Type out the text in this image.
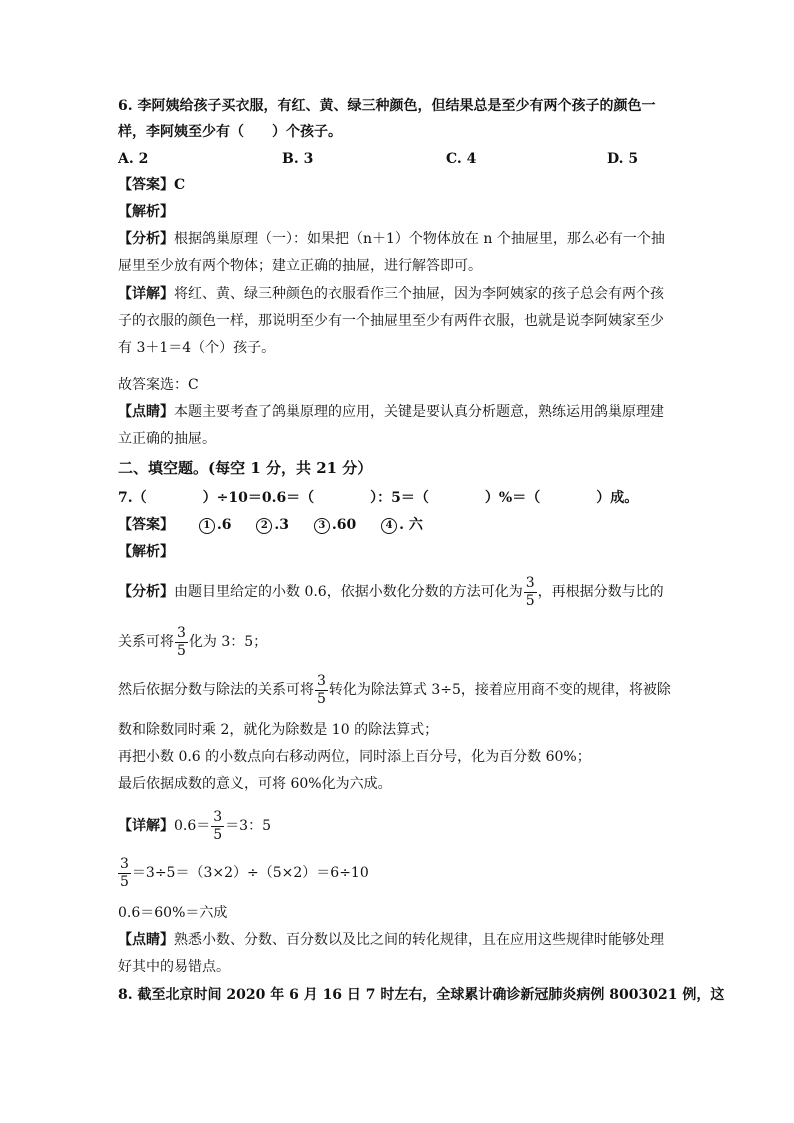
6. 李阿姨给孩子买衣服，有红、黄、绿三种颜色，但结果总是至少有两个孩子的颜色一
样，李阿姨至少有（　　）个孩子。
A. 2	B. 3	C. 4	D. 5
【答案】C
【解析】
【分析】根据鸽巢原理（一）：如果把（n＋1）个物体放在 n 个抽屉里，那么必有一个抽
屉里至少放有两个物体；建立正确的抽屉，进行解答即可。
【详解】将红、黄、绿三种颜色的衣服看作三个抽屉，因为李阿姨家的孩子总会有两个孩
子的衣服的颜色一样，那说明至少有一个抽屉里至少有两件衣服，也就是说李阿姨家至少
有 3＋1＝4（个）孩子。
故答案选：C
【点睛】本题主要考查了鸽巢原理的应用，关键是要认真分析题意，熟练运用鸽巢原理建
立正确的抽屉。
二、填空题。(每空 1 分，共 21 分）
7.（　　　　）÷10＝0.6＝（　　　　）：5＝（　　　　）%＝（　　　　）成。
【答案】	1 .6	2 .3	3 .60	4 . 六
【解析】
【分析】由题目里给定的小数 0.6，依据小数化分数的方法可化为 $\frac{3}{5}$ ，再根据分数与比的
关系可将 $\frac{3}{5}$ 化为 3：5；
然后依据分数与除法的关系可将 $\frac{3}{5}$ 转化为除法算式 3÷5，接着应用商不变的规律，将被除
数和除数同时乘 2，就化为除数是 10 的除法算式；
再把小数 0.6 的小数点向右移动两位，同时添上百分号，化为百分数 60%；
最后依据成数的意义，可将 60%化为六成。
【详解】$0.6= \frac{3}{5} =3$：5
$\frac{3}{5} =3\div 5=(3\times 2)\div(5\times 2)=6\div 10$
0.6＝60%＝六成
【点睛】熟悉小数、分数、百分数以及比之间的转化规律，且在应用这些规律时能够处理
好其中的易错点。
8. 截至北京时间 2020 年 6 月 16 日 7 时左右，全球累计确诊新冠肺炎病例 8003021 例，这
